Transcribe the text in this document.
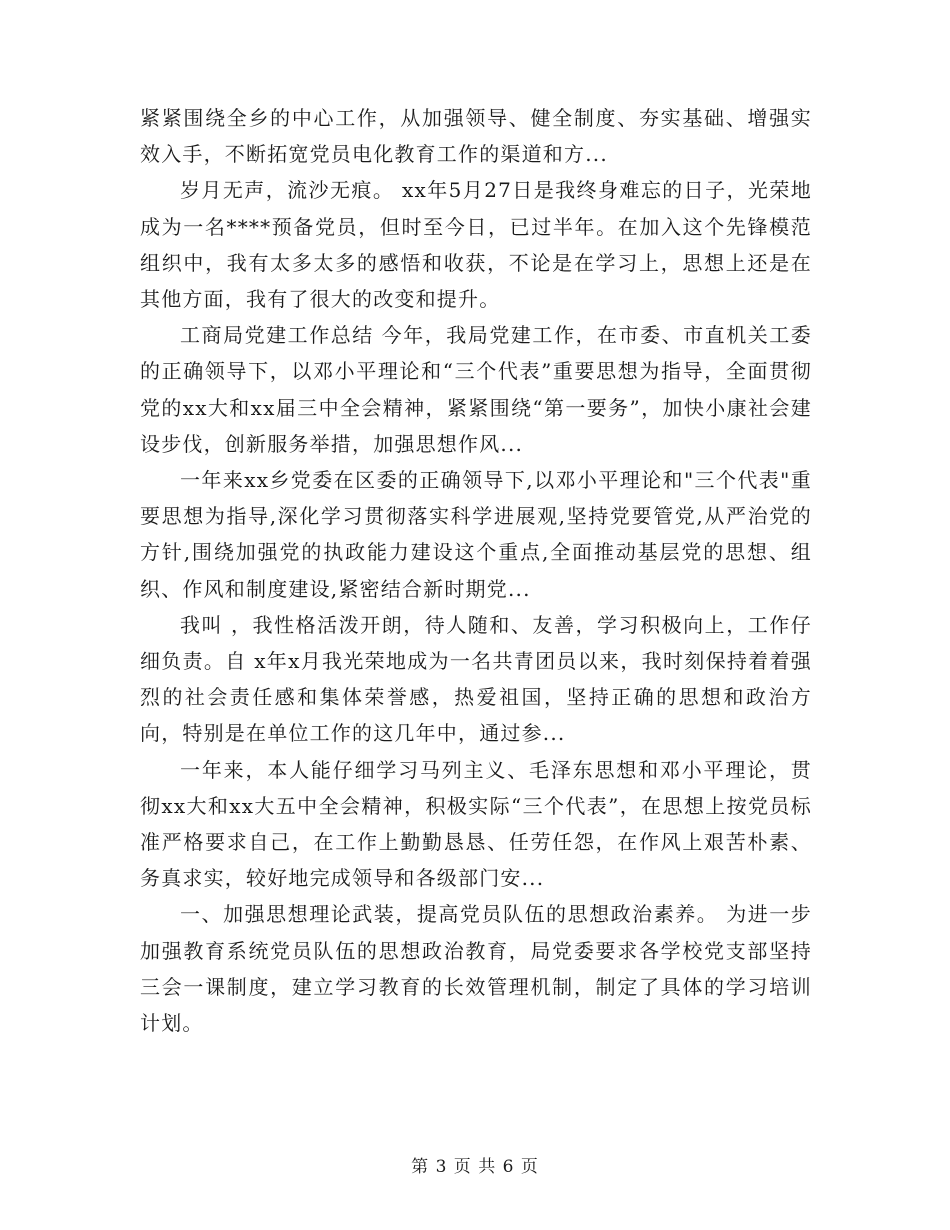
紧紧围绕全乡的中心工作，从加强领导、健全制度、夯实基础、增强实效入手，不断拓宽党员电化教育工作的渠道和方...

岁月无声，流沙无痕。 xx年5月27日是我终身难忘的日子，光荣地成为一名****预备党员，但时至今日，已过半年。在加入这个先锋模范组织中，我有太多太多的感悟和收获，不论是在学习上，思想上还是在其他方面，我有了很大的改变和提升。

工商局党建工作总结 今年，我局党建工作，在市委、市直机关工委的正确领导下，以邓小平理论和“三个代表”重要思想为指导，全面贯彻党的xx大和xx届三中全会精神，紧紧围绕“第一要务”，加快小康社会建设步伐，创新服务举措，加强思想作风...

一年来xx乡党委在区委的正确领导下,以邓小平理论和"三个代表"重要思想为指导,深化学习贯彻落实科学进展观,坚持党要管党,从严治党的方针,围绕加强党的执政能力建设这个重点,全面推动基层党的思想、组织、作风和制度建设,紧密结合新时期党...

我叫 ，我性格活泼开朗，待人随和、友善，学习积极向上，工作仔细负责。自 x年x月我光荣地成为一名共青团员以来，我时刻保持着着强烈的社会责任感和集体荣誉感，热爱祖国，坚持正确的思想和政治方向，特别是在单位工作的这几年中，通过参...

一年来，本人能仔细学习马列主义、毛泽东思想和邓小平理论，贯彻xx大和xx大五中全会精神，积极实际“三个代表”，在思想上按党员标准严格要求自己，在工作上勤勤恳恳、任劳任怨，在作风上艰苦朴素、务真求实，较好地完成领导和各级部门安...

一、加强思想理论武装，提高党员队伍的思想政治素养。 为进一步加强教育系统党员队伍的思想政治教育，局党委要求各学校党支部坚持三会一课制度，建立学习教育的长效管理机制，制定了具体的学习培训计划。

第 3 页 共 6 页
